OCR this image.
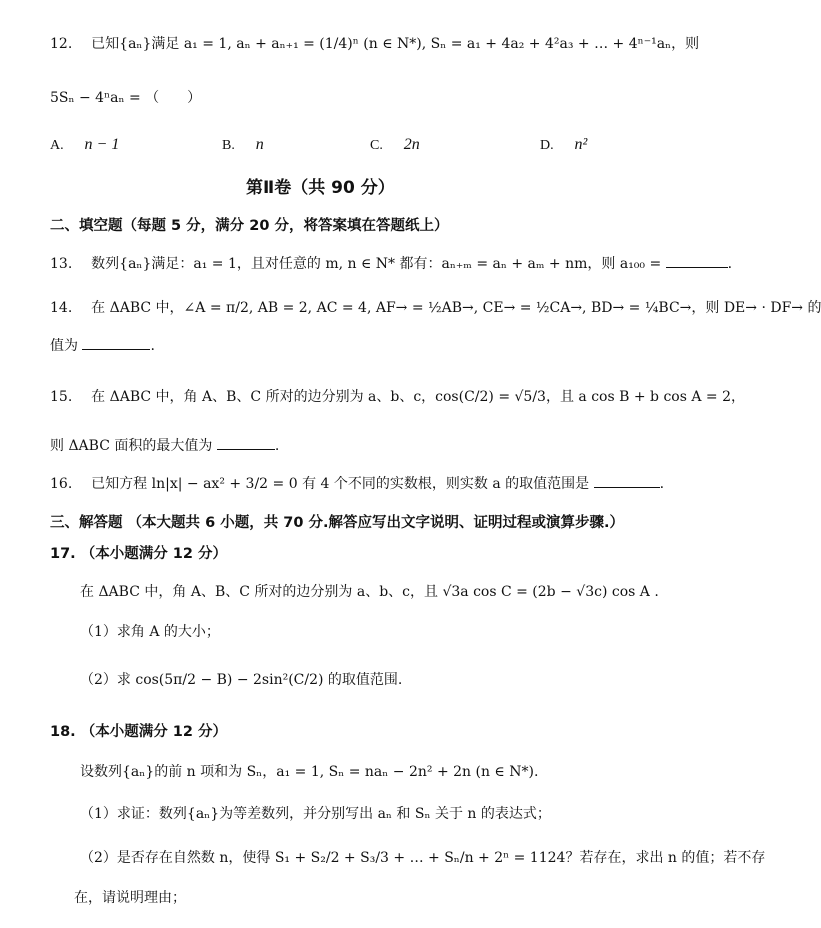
12. 已知{aₙ}满足 a₁ = 1, aₙ + aₙ₊₁ = (1/4)ⁿ (n ∈ N*), Sₙ = a₁ + 4a₂ + 4²a₃ + … + 4ⁿ⁻¹aₙ，则
5Sₙ − 4ⁿaₙ = （　　）
A. n − 1	B. n	C. 2n	D. n²
第Ⅱ卷（共 90 分）
二、填空题（每题 5 分，满分 20 分，将答案填在答题纸上）
13. 数列{aₙ}满足：a₁ = 1，且对任意的 m, n ∈ N* 都有：aₙ₊ₘ = aₙ + aₘ + nm，则 a₁₀₀ =	.
14. 在 ΔABC 中，∠A = π/2, AB = 2, AC = 4, AF→ = ½AB→, CE→ = ½CA→, BD→ = ¼BC→，则 DE→ · DF→ 的
值为	.
15. 在 ΔABC 中，角 A、B、C 所对的边分别为 a、b、c，cos(C/2) = √5/3，且 a cos B + b cos A = 2，
则 ΔABC 面积的最大值为	.
16. 已知方程 ln|x| − ax² + 3/2 = 0 有 4 个不同的实数根，则实数 a 的取值范围是	.
三、解答题 （本大题共 6 小题，共 70 分.解答应写出文字说明、证明过程或演算步骤.）
17. （本小题满分 12 分）
在 ΔABC 中，角 A、B、C 所对的边分别为 a、b、c，且 √3a cos C = (2b − √3c) cos A .
（1）求角 A 的大小；
（2）求 cos(5π/2 − B) − 2sin²(C/2) 的取值范围.
18. （本小题满分 12 分）
设数列{aₙ}的前 n 项和为 Sₙ，a₁ = 1, Sₙ = naₙ − 2n² + 2n (n ∈ N*).
（1）求证：数列{aₙ}为等差数列，并分别写出 aₙ 和 Sₙ 关于 n 的表达式；
（2）是否存在自然数 n，使得 S₁ + S₂/2 + S₃/3 + … + Sₙ/n + 2ⁿ = 1124？若存在，求出 n 的值；若不存
在，请说明理由；
